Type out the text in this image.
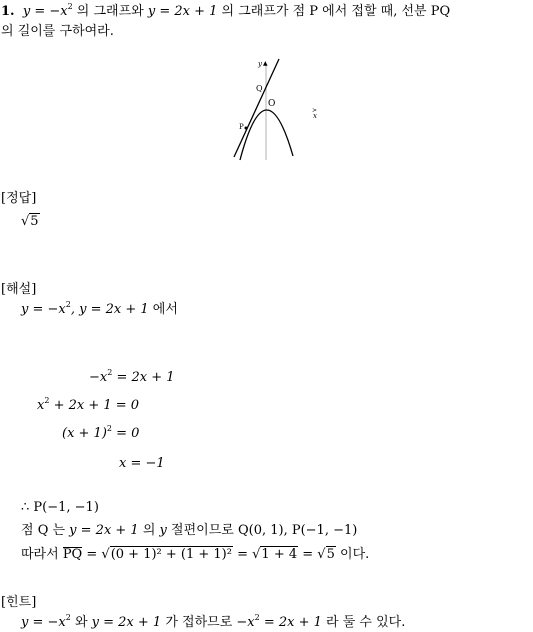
1. $y = -x^2$ 의 그래프와 y = 2x + 1 의 그래프가 점 P 에서 접할 때, 선분 PQ
의 길이를 구하여라.
y ▲
>
x
O
Q
P
[정답]
√5
[해설]
$y = -x^2$, y = 2x + 1 에서
$-x^2 = 2x + 1$
$x^2 + 2x + 1 = 0$
$(x + 1)^2 = 0$
x = −1
∴ P(−1, −1)
점 Q 는 y = 2x + 1 의 y 절편이므로 Q(0, 1), P(−1, −1)
따라서 PQ = √(0 + 1)² + (1 + 1)² = √1 + 4 = √5 이다.
[힌트]
$y = -x^2$ 와 y = 2x + 1 가 접하므로 $-x^2 = 2x + 1$ 라 둘 수 있다.
